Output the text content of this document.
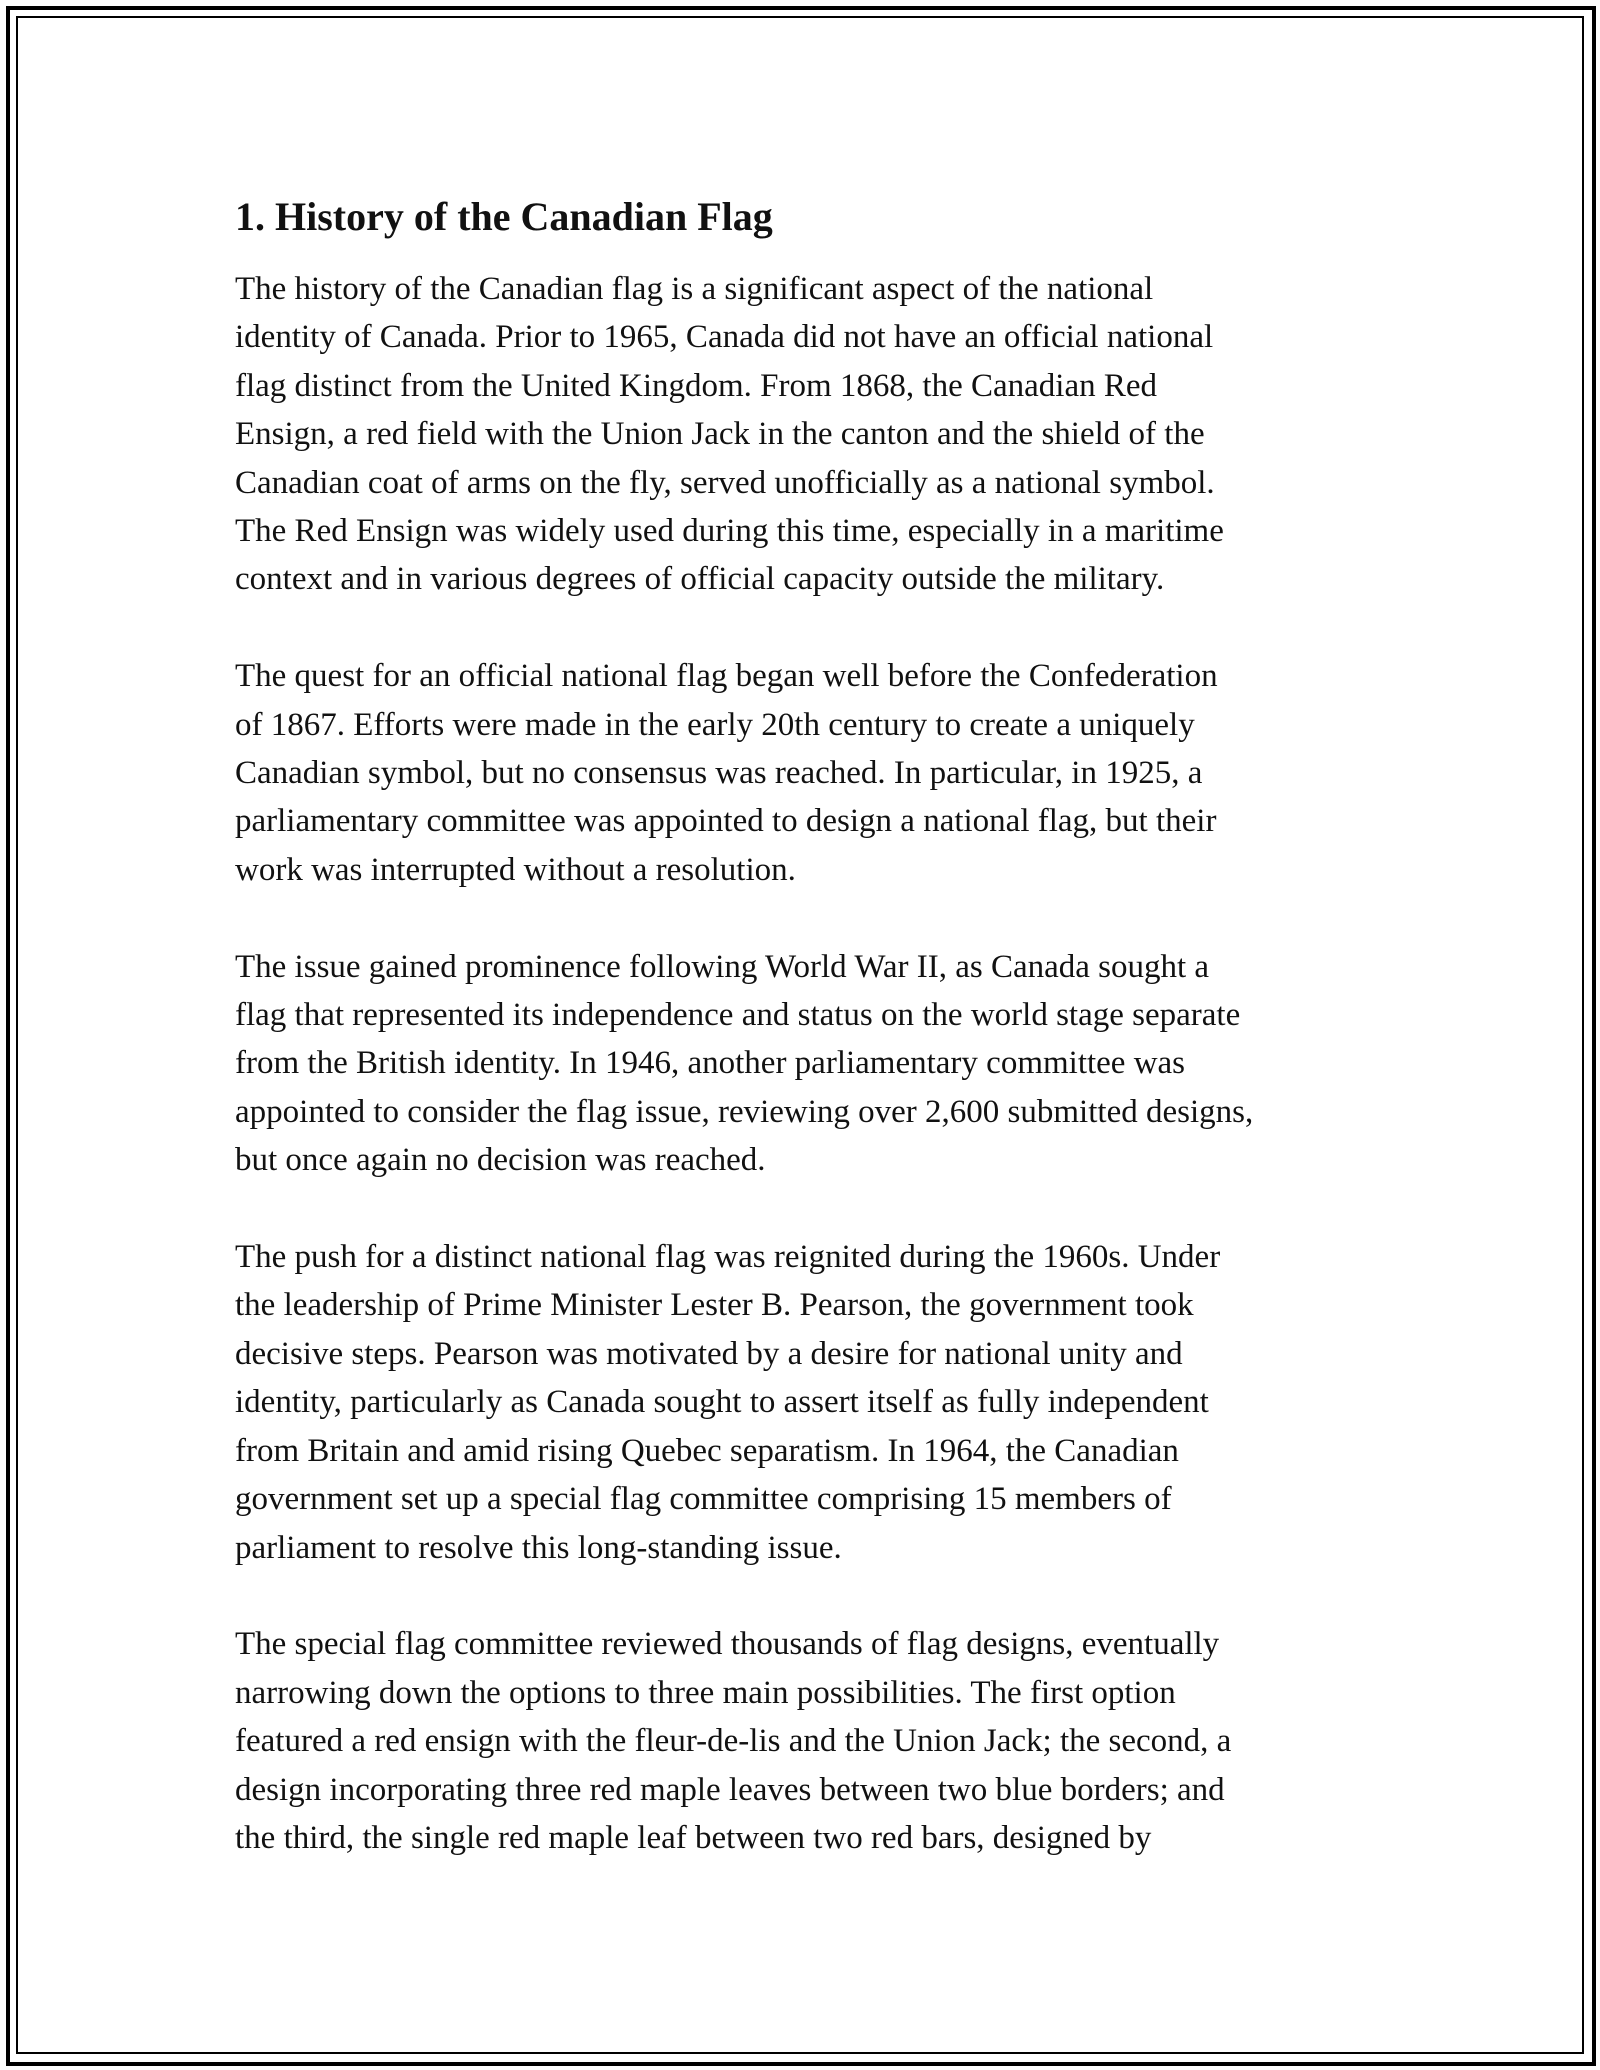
1. History of the Canadian Flag

The history of the Canadian flag is a significant aspect of the national
identity of Canada. Prior to 1965, Canada did not have an official national
flag distinct from the United Kingdom. From 1868, the Canadian Red
Ensign, a red field with the Union Jack in the canton and the shield of the
Canadian coat of arms on the fly, served unofficially as a national symbol.
The Red Ensign was widely used during this time, especially in a maritime
context and in various degrees of official capacity outside the military.

The quest for an official national flag began well before the Confederation
of 1867. Efforts were made in the early 20th century to create a uniquely
Canadian symbol, but no consensus was reached. In particular, in 1925, a
parliamentary committee was appointed to design a national flag, but their
work was interrupted without a resolution.

The issue gained prominence following World War II, as Canada sought a
flag that represented its independence and status on the world stage separate
from the British identity. In 1946, another parliamentary committee was
appointed to consider the flag issue, reviewing over 2,600 submitted designs,
but once again no decision was reached.

The push for a distinct national flag was reignited during the 1960s. Under
the leadership of Prime Minister Lester B. Pearson, the government took
decisive steps. Pearson was motivated by a desire for national unity and
identity, particularly as Canada sought to assert itself as fully independent
from Britain and amid rising Quebec separatism. In 1964, the Canadian
government set up a special flag committee comprising 15 members of
parliament to resolve this long-standing issue.

The special flag committee reviewed thousands of flag designs, eventually
narrowing down the options to three main possibilities. The first option
featured a red ensign with the fleur-de-lis and the Union Jack; the second, a
design incorporating three red maple leaves between two blue borders; and
the third, the single red maple leaf between two red bars, designed by
